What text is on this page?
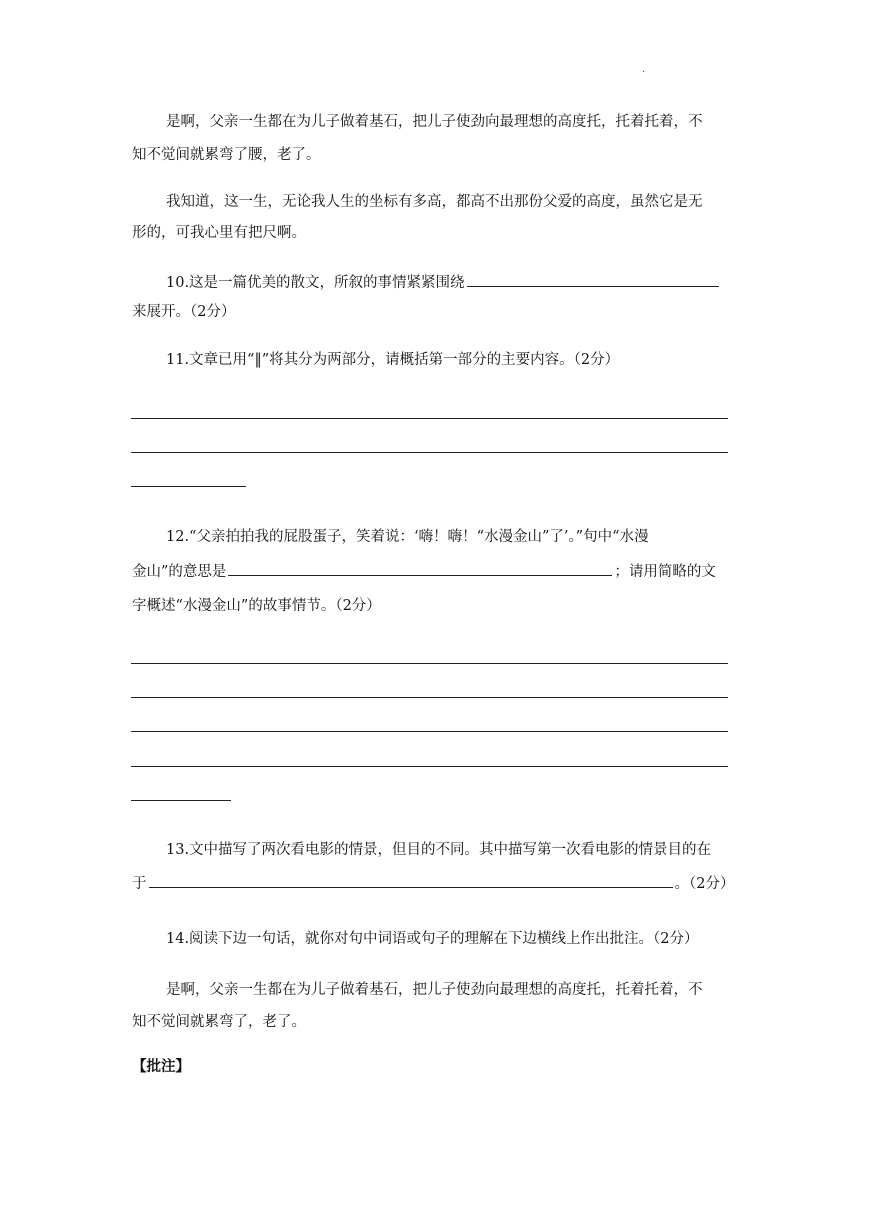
.
是啊，父亲一生都在为儿子做着基石，把儿子使劲向最理想的高度托，托着托着，不
知不觉间就累弯了腰，老了。
我知道，这一生，无论我人生的坐标有多高，都高不出那份父爱的高度，虽然它是无
形的，可我心里有把尺啊。
10.这是一篇优美的散文，所叙的事情紧紧围绕
来展开。（2分）
11.文章已用“‖”将其分为两部分，请概括第一部分的主要内容。（2分）
12.“父亲拍拍我的屁股蛋子，笑着说：‘嗨！嗨！“水漫金山”了’。”句中“水漫
金山”的意思是	；请用简略的文
字概述“水漫金山”的故事情节。（2分）
13.文中描写了两次看电影的情景，但目的不同。其中描写第一次看电影的情景目的在
于	。（2分）
14.阅读下边一句话，就你对句中词语或句子的理解在下边横线上作出批注。（2分）
是啊，父亲一生都在为儿子做着基石，把儿子使劲向最理想的高度托，托着托着，不
知不觉间就累弯了，老了。
【批注】
